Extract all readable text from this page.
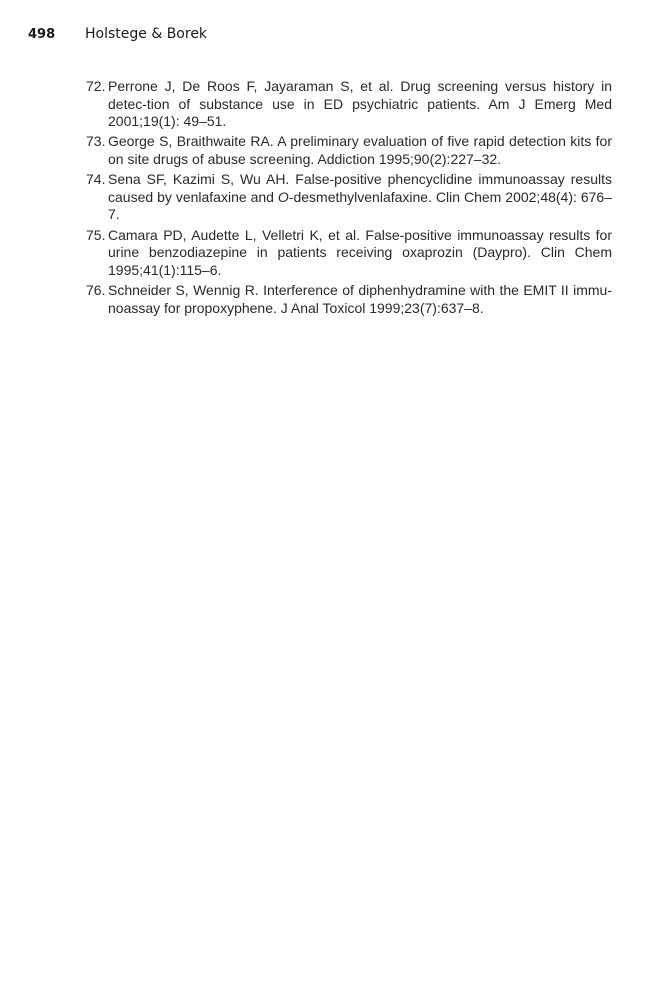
498	Holstege & Borek
72. Perrone J, De Roos F, Jayaraman S, et al. Drug screening versus history in detec-tion of substance use in ED psychiatric patients. Am J Emerg Med 2001;19(1): 49–51.
73. George S, Braithwaite RA. A preliminary evaluation of five rapid detection kits for on site drugs of abuse screening. Addiction 1995;90(2):227–32.
74. Sena SF, Kazimi S, Wu AH. False-positive phencyclidine immunoassay results caused by venlafaxine and O-desmethylvenlafaxine. Clin Chem 2002;48(4): 676–7.
75. Camara PD, Audette L, Velletri K, et al. False-positive immunoassay results for urine benzodiazepine in patients receiving oxaprozin (Daypro). Clin Chem 1995;41(1):115–6.
76. Schneider S, Wennig R. Interference of diphenhydramine with the EMIT II immu-noassay for propoxyphene. J Anal Toxicol 1999;23(7):637–8.
